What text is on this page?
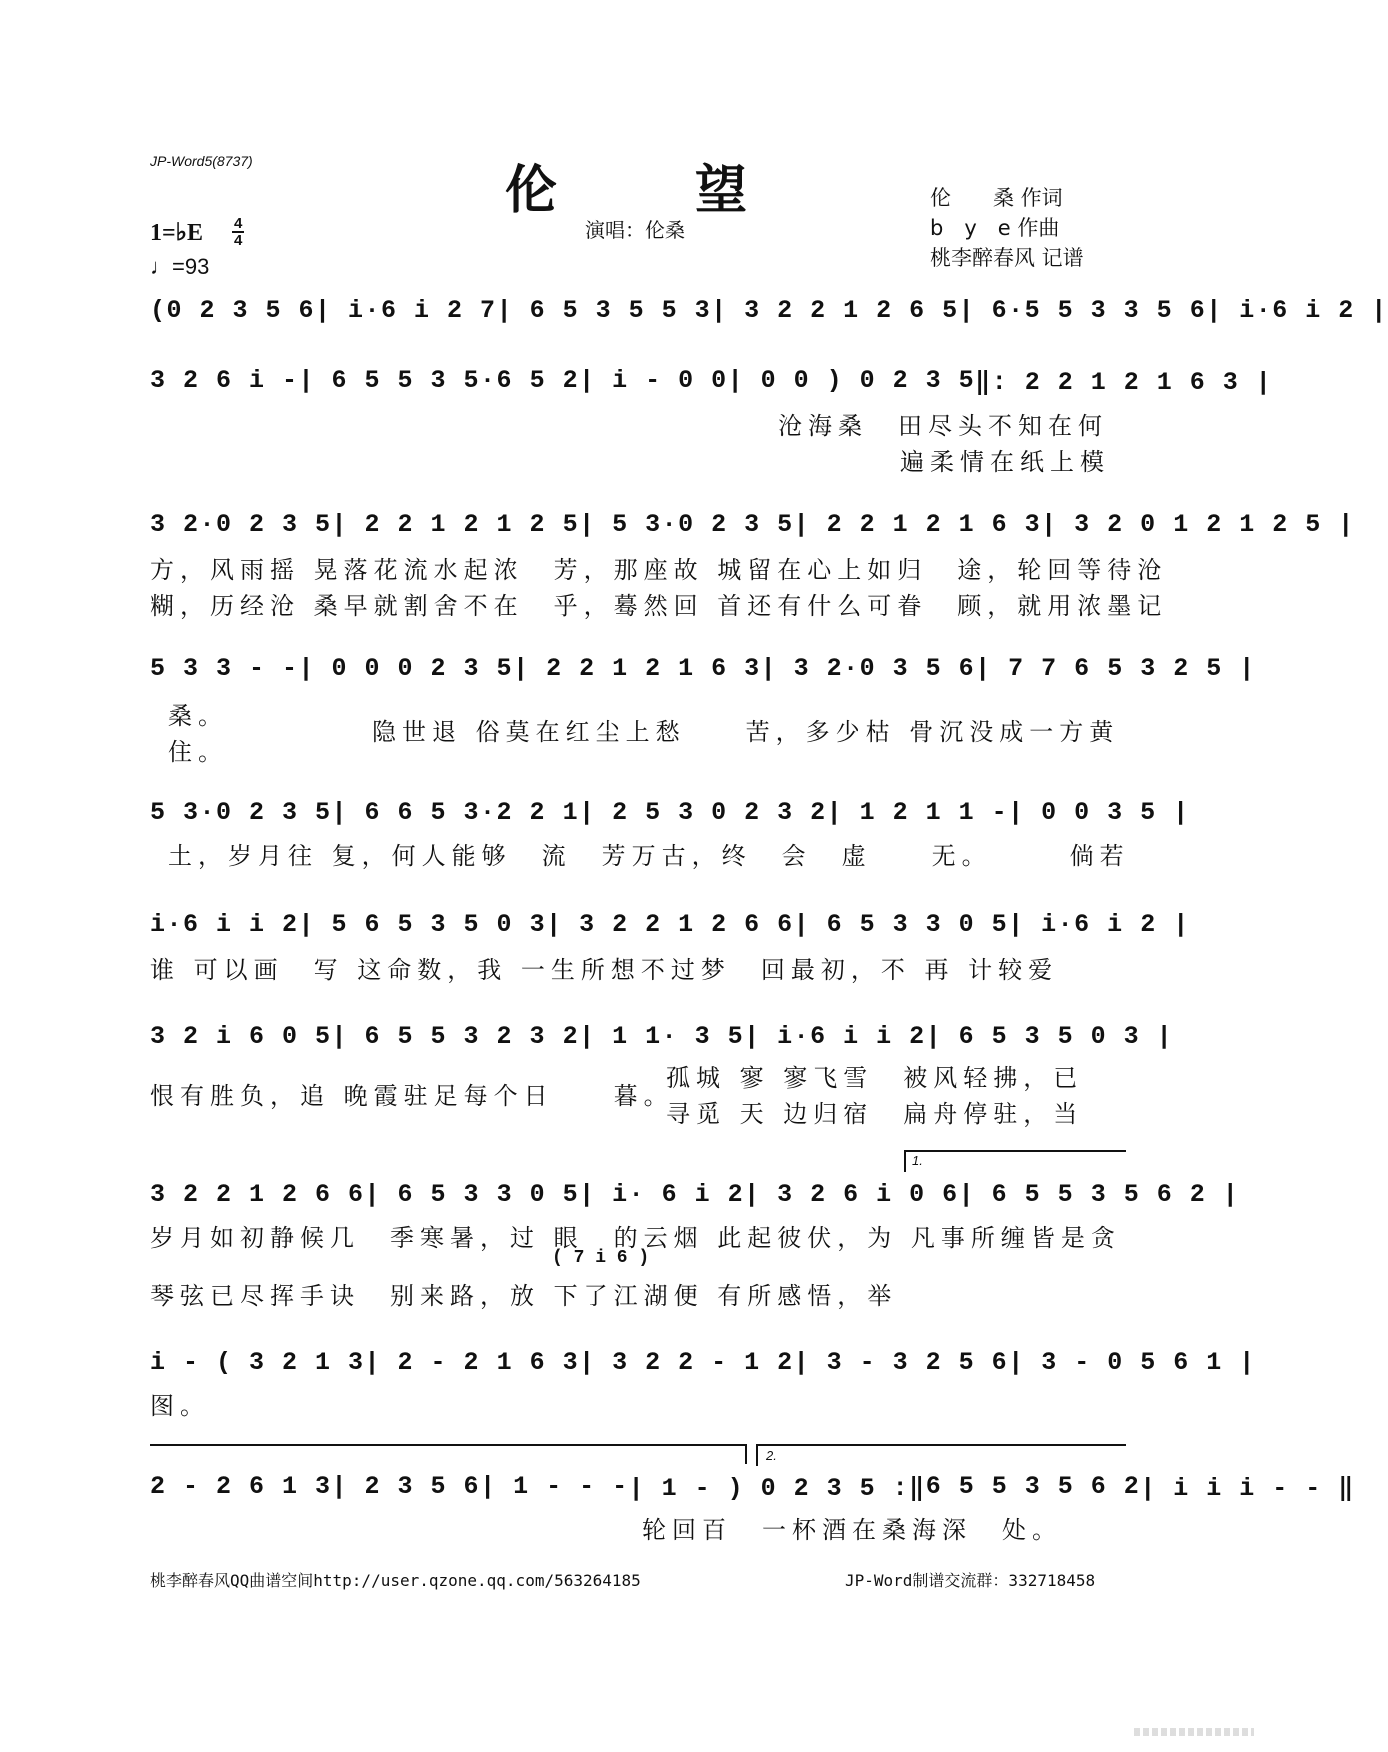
JP-Word5(8737)	伦 望
演唱：伦桑
伦　　桑 作词
b　y　e 作曲
桃李醉春风 记谱
1=♭E 4
4
♩=93
(0 2 3 5 6 | i·6 i 2 7 | 6 5 3 5 5 3 | 3 2 2 1 2 6 5 | 6·5 5 3 3 5 6 | i·6 i 2 |
3 2 6 i - | 6 5 5 3 5·6 5 2 | i - 0 0 | 0 0 ) 0 2 3 5 ‖: 2 2 1 2 1 6 3 |
沧海桑　田尽头不知在何
遍柔情在纸上模
3 2·0 2 3 5 | 2 2 1 2 1 2 5 | 5 3·0 2 3 5 | 2 2 1 2 1 6 3 | 3 2 0 1 2 1 2 5 |
方，风雨摇 晃落花流水起浓　芳，那座故 城留在心上如归　途，轮回等待沧
糊，历经沧 桑早就割舍不在　乎，蓦然回 首还有什么可眷　顾，就用浓墨记
5 3 3 - - | 0 0 0 2 3 5 | 2 2 1 2 1 6 3 | 3 2·0 3 5 6 | 7 7 6 5 3 2 5 |
桑。
住。
隐世退 俗莫在红尘上愁　　苦，多少枯 骨沉没成一方黄
5 3·0 2 3 5 | 6 6 5 3·2 2 1 | 2 5 3 0 2 3 2 | 1 2 1 1 - | 0 0 3 5 |
土，岁月往 复，何人能够　流　芳万古，终　会　虚　　无。　　　倘若
i·6 i i 2 | 5 6 5 3 5 0 3 | 3 2 2 1 2 6 6 | 6 5 3 3 0 5 | i·6 i 2 |
谁 可以画　写 这命数，我 一生所想不过梦　回最初，不 再 计较爱
3 2 i 6 0 5 | 6 5 5 3 2 3 2 | 1 1· 3 5 | i·6 i i 2 | 6 5 3 5 0 3 |
恨有胜负，追 晚霞驻足每个日　　暮。
孤城 寥 寥飞雪　被风轻拂，已
寻觅 天 边归宿　扁舟停驻，当
1.
3 2 2 1 2 6 6 | 6 5 3 3 0 5 | i· 6 i 2 | 3 2 6 i 0 6 | 6 5 5 3 5 6 2 |
岁月如初静候几　季寒暑，过 眼　的云烟 此起彼伏，为 凡事所缠皆是贪
( 7 i 6 )
琴弦已尽挥手诀　别来路，放 下了江湖便 有所感悟，举
i - ( 3 2 1 3 | 2 - 2 1 6 3 | 3 2 2 - 1 2 | 3 - 3 2 5 6 | 3 - 0 5 6 1 |
图。
2.
2 - 2 6 1 3 | 2 3 5 6 | 1 - - - | 1 - ) 0 2 3 5 :‖ 6 5 5 3 5 6 2 | i i i - - ‖
轮回百　一杯酒在桑海深　处。
桃李醉春风QQ曲谱空间http://user.qzone.qq.com/563264185	JP-Word制谱交流群：332718458
